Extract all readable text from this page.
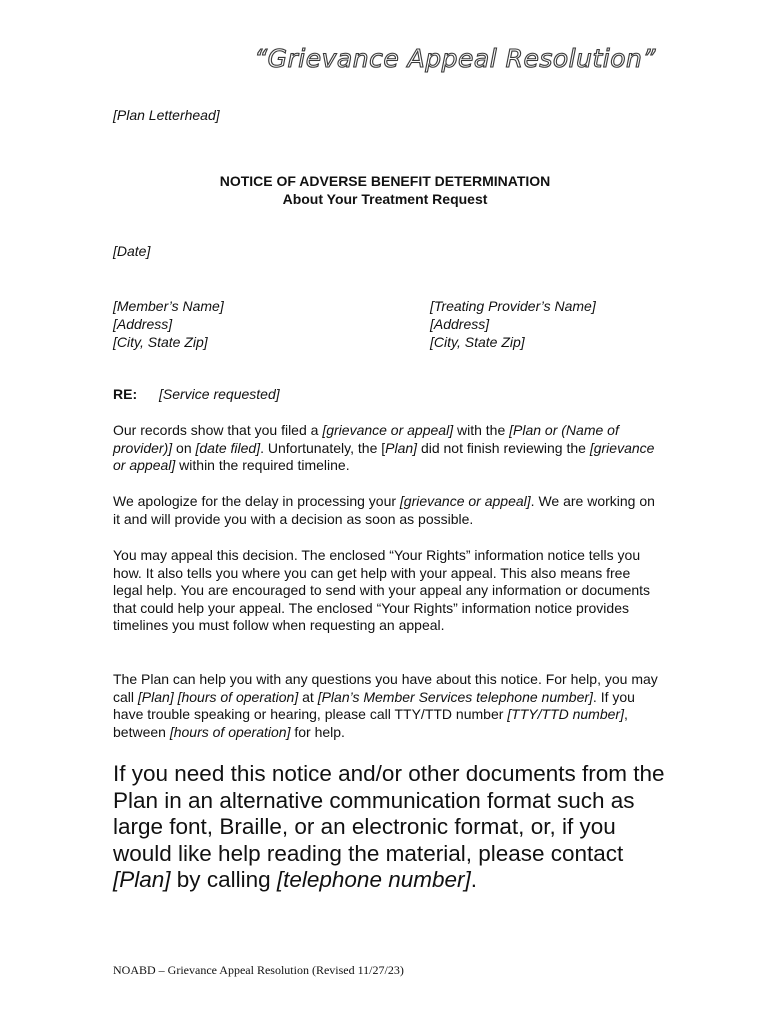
“Grievance Appeal Resolution”
[Plan Letterhead]
NOTICE OF ADVERSE BENEFIT DETERMINATION
About Your Treatment Request
[Date]
[Member’s Name]
[Address]
[City, State Zip]
[Treating Provider’s Name]
[Address]
[City, State Zip]
RE: [Service requested]
Our records show that you filed a [grievance or appeal] with the [Plan or (Name of provider)] on [date filed]. Unfortunately, the [Plan] did not finish reviewing the [grievance or appeal] within the required timeline.
We apologize for the delay in processing your [grievance or appeal]. We are working on it and will provide you with a decision as soon as possible.
You may appeal this decision. The enclosed “Your Rights” information notice tells you how. It also tells you where you can get help with your appeal. This also means free legal help. You are encouraged to send with your appeal any information or documents that could help your appeal. The enclosed “Your Rights” information notice provides timelines you must follow when requesting an appeal.
The Plan can help you with any questions you have about this notice. For help, you may call [Plan] [hours of operation] at [Plan’s Member Services telephone number]. If you have trouble speaking or hearing, please call TTY/TTD number [TTY/TTD number], between [hours of operation] for help.
If you need this notice and/or other documents from the Plan in an alternative communication format such as large font, Braille, or an electronic format, or, if you would like help reading the material, please contact [Plan] by calling [telephone number].
NOABD – Grievance Appeal Resolution (Revised 11/27/23)
